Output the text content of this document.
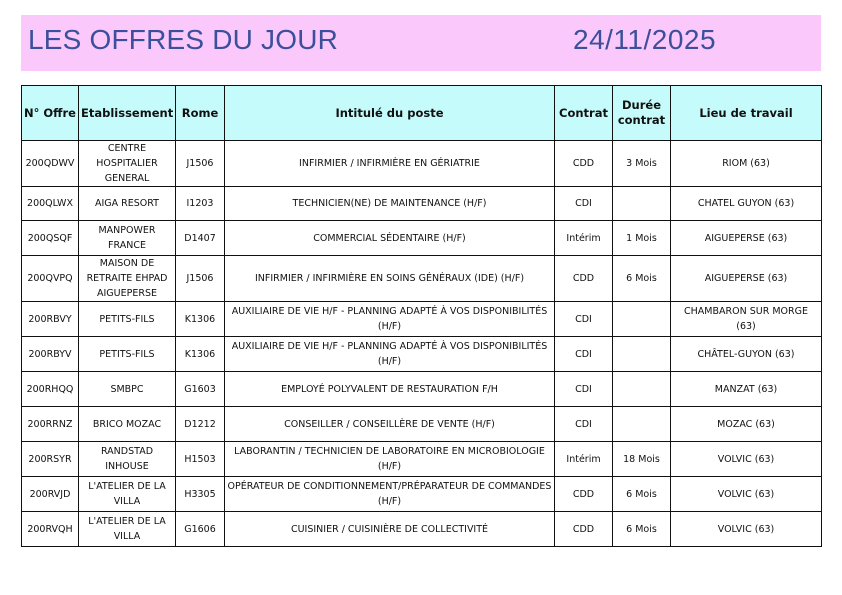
LES OFFRES DU JOUR	24/11/2025
N° Offre	Etablissement	Rome	Intitulé du poste	Contrat	Durée contrat	Lieu de travail
200QDWV	CENTRE HOSPITALIER GENERAL	J1506	INFIRMIER / INFIRMIÈRE EN GÉRIATRIE	CDD	3 Mois	RIOM (63)
200QLWX	AIGA RESORT	I1203	TECHNICIEN(NE) DE MAINTENANCE (H/F)	CDI		CHATEL GUYON (63)
200QSQF	MANPOWER FRANCE	D1407	COMMERCIAL SÉDENTAIRE (H/F)	Intérim	1 Mois	AIGUEPERSE (63)
200QVPQ	MAISON DE RETRAITE EHPAD AIGUEPERSE	J1506	INFIRMIER / INFIRMIÈRE EN SOINS GÉNÉRAUX (IDE) (H/F)	CDD	6 Mois	AIGUEPERSE (63)
200RBVY	PETITS-FILS	K1306	AUXILIAIRE DE VIE H/F - PLANNING ADAPTÉ À VOS DISPONIBILITÉS (H/F)	CDI		CHAMBARON SUR MORGE (63)
200RBYV	PETITS-FILS	K1306	AUXILIAIRE DE VIE H/F - PLANNING ADAPTÉ À VOS DISPONIBILITÉS (H/F)	CDI		CHÂTEL-GUYON (63)
200RHQQ	SMBPC	G1603	EMPLOYÉ POLYVALENT DE RESTAURATION F/H	CDI		MANZAT (63)
200RRNZ	BRICO MOZAC	D1212	CONSEILLER / CONSEILLÈRE DE VENTE (H/F)	CDI		MOZAC (63)
200RSYR	RANDSTAD INHOUSE	H1503	LABORANTIN / TECHNICIEN DE LABORATOIRE EN MICROBIOLOGIE (H/F)	Intérim	18 Mois	VOLVIC (63)
200RVJD	L'ATELIER DE LA VILLA	H3305	OPÉRATEUR DE CONDITIONNEMENT/PRÉPARATEUR DE COMMANDES (H/F)	CDD	6 Mois	VOLVIC (63)
200RVQH	L'ATELIER DE LA VILLA	G1606	CUISINIER / CUISINIÈRE DE COLLECTIVITÉ	CDD	6 Mois	VOLVIC (63)
